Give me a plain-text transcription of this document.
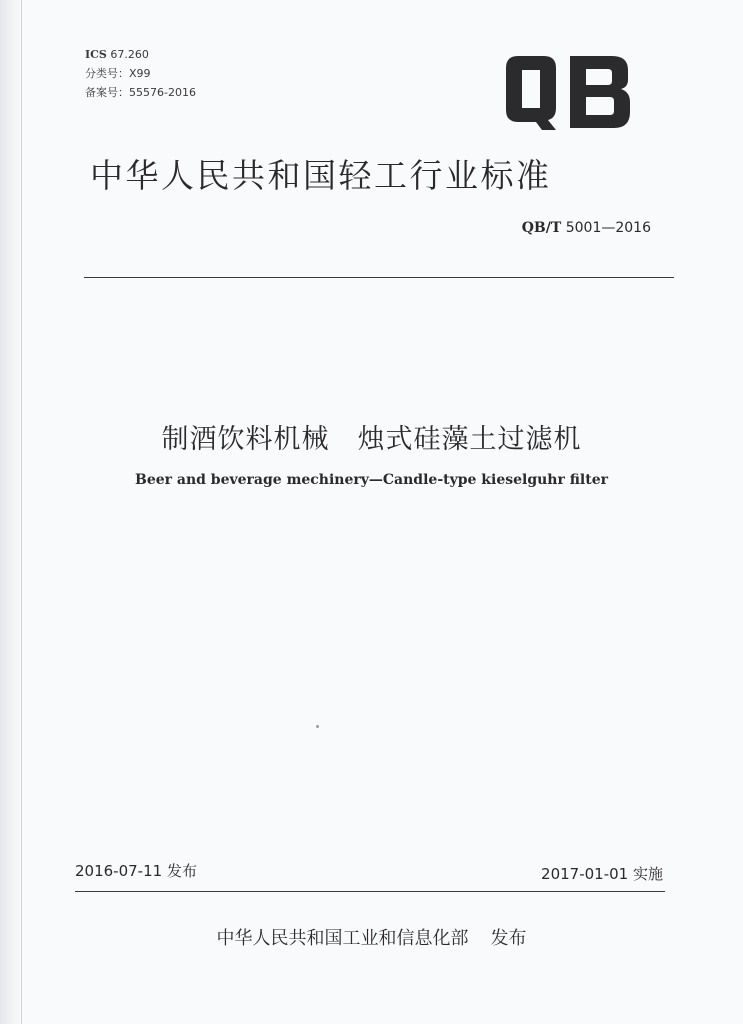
ICS 67.260
分类号：X99
备案号：55576-2016
中华人民共和国轻工行业标准
QB/T 5001—2016
制酒饮料机械　烛式硅藻土过滤机
Beer and beverage mechinery—Candle-type kieselguhr filter
2016-07-11 发布	2017-01-01 实施
中华人民共和国工业和信息化部 发布
